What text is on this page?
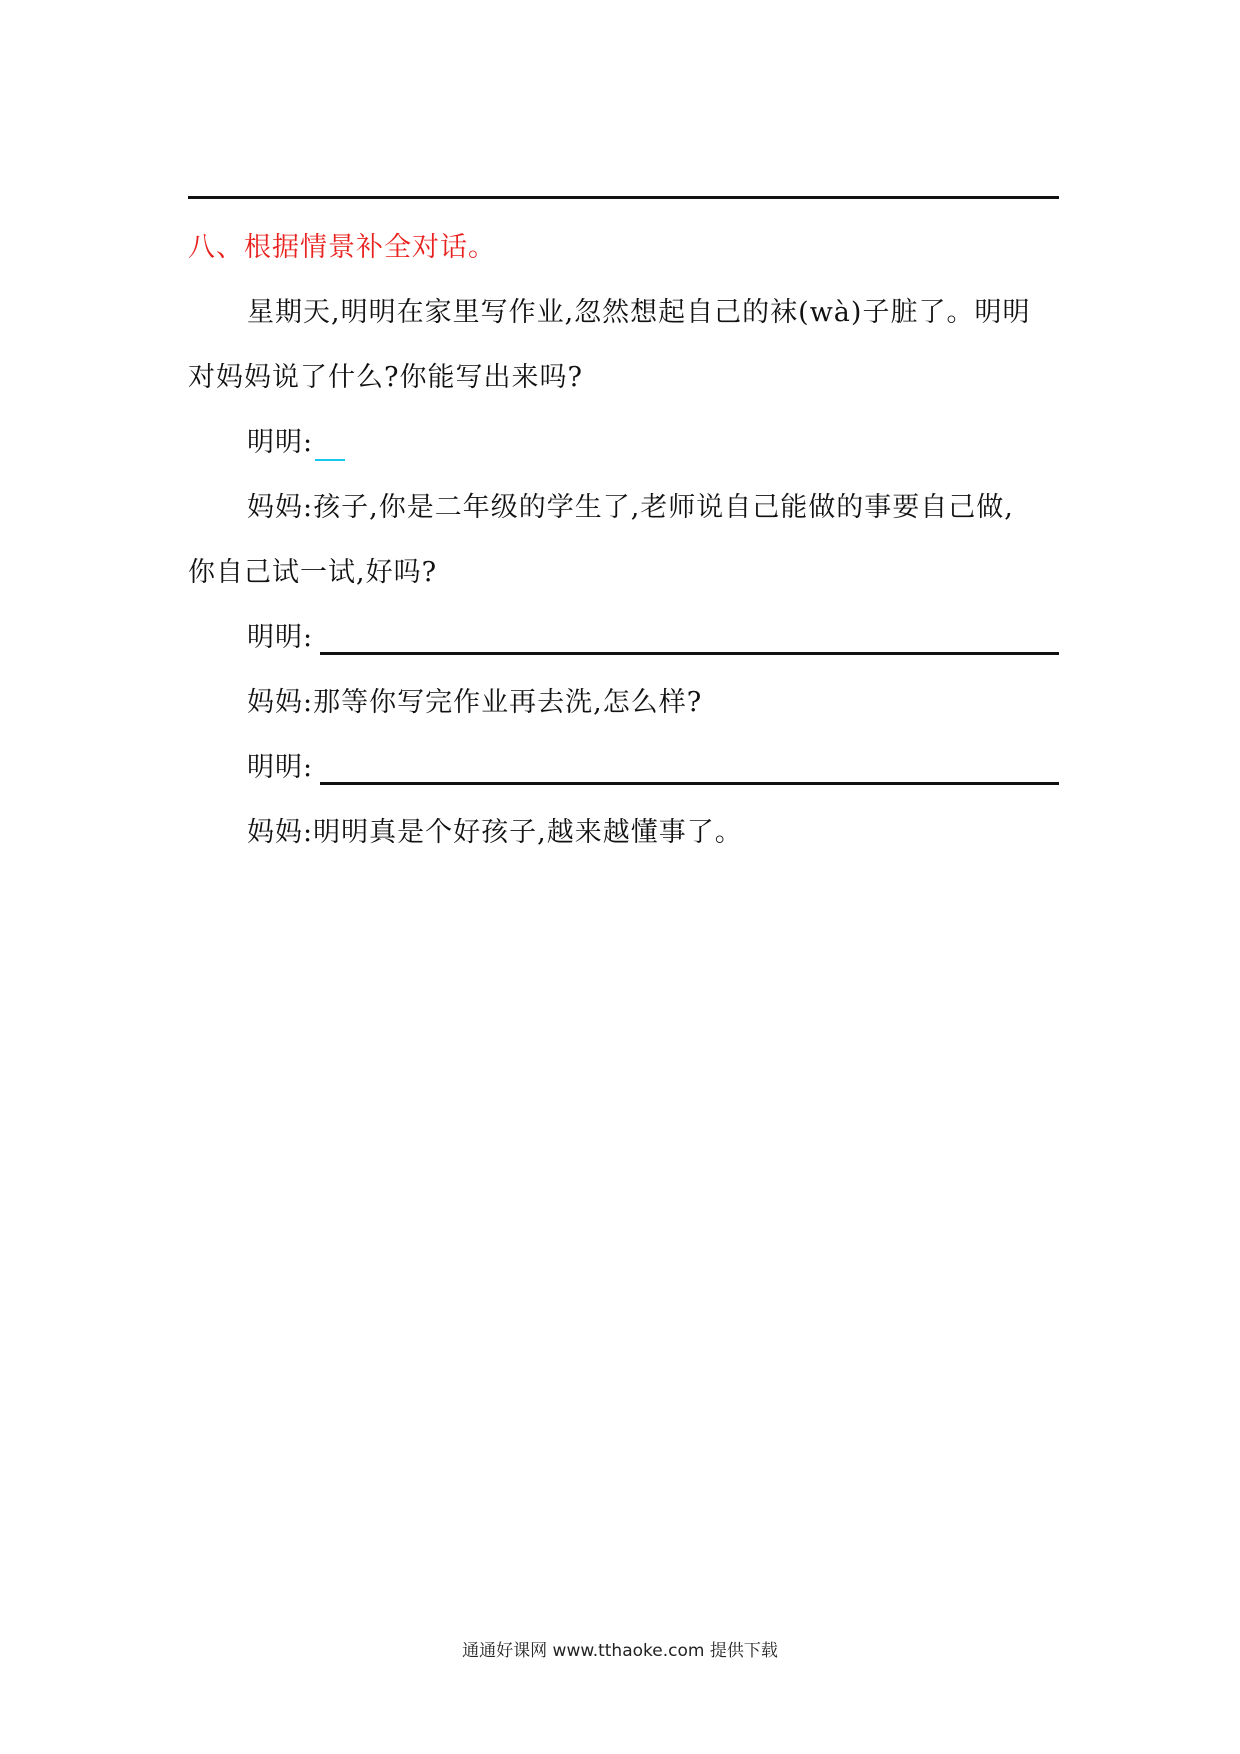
八、根据情景补全对话。
星期天,明明在家里写作业,忽然想起自己的袜(wà)子脏了。明明
对妈妈说了什么?你能写出来吗?
明明:
妈妈:孩子,你是二年级的学生了,老师说自己能做的事要自己做,
你自己试一试,好吗?
明明:
妈妈:那等你写完作业再去洗,怎么样?
明明:
妈妈:明明真是个好孩子,越来越懂事了。
通通好课网 www.tthaoke.com 提供下载
